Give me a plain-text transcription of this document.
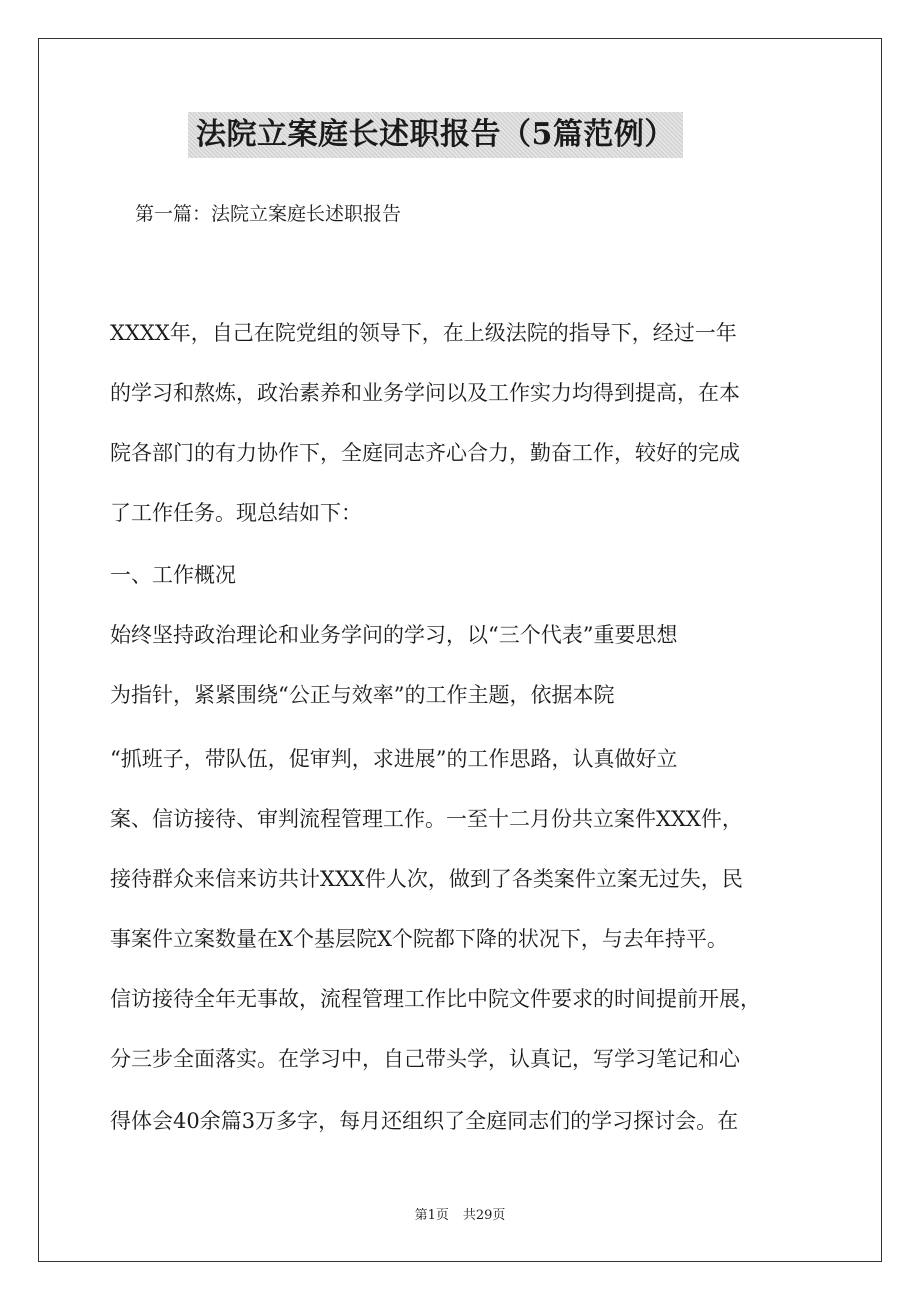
法院立案庭长述职报告（5篇范例）
第一篇：法院立案庭长述职报告
XXXX年，自己在院党组的领导下，在上级法院的指导下，经过一年
的学习和熬炼，政治素养和业务学问以及工作实力均得到提高，在本
院各部门的有力协作下，全庭同志齐心合力，勤奋工作，较好的完成
了工作任务。现总结如下：
一、工作概况
始终坚持政治理论和业务学问的学习，以“三个代表”重要思想
为指针，紧紧围绕“公正与效率”的工作主题，依据本院
“抓班子，带队伍，促审判，求进展”的工作思路，认真做好立
案、信访接待、审判流程管理工作。一至十二月份共立案件XXX件，
接待群众来信来访共计XXX件人次，做到了各类案件立案无过失，民
事案件立案数量在X个基层院X个院都下降的状况下，与去年持平。
信访接待全年无事故，流程管理工作比中院文件要求的时间提前开展，
分三步全面落实。在学习中，自己带头学，认真记，写学习笔记和心
得体会40余篇3万多字，每月还组织了全庭同志们的学习探讨会。在
第1页 共29页
